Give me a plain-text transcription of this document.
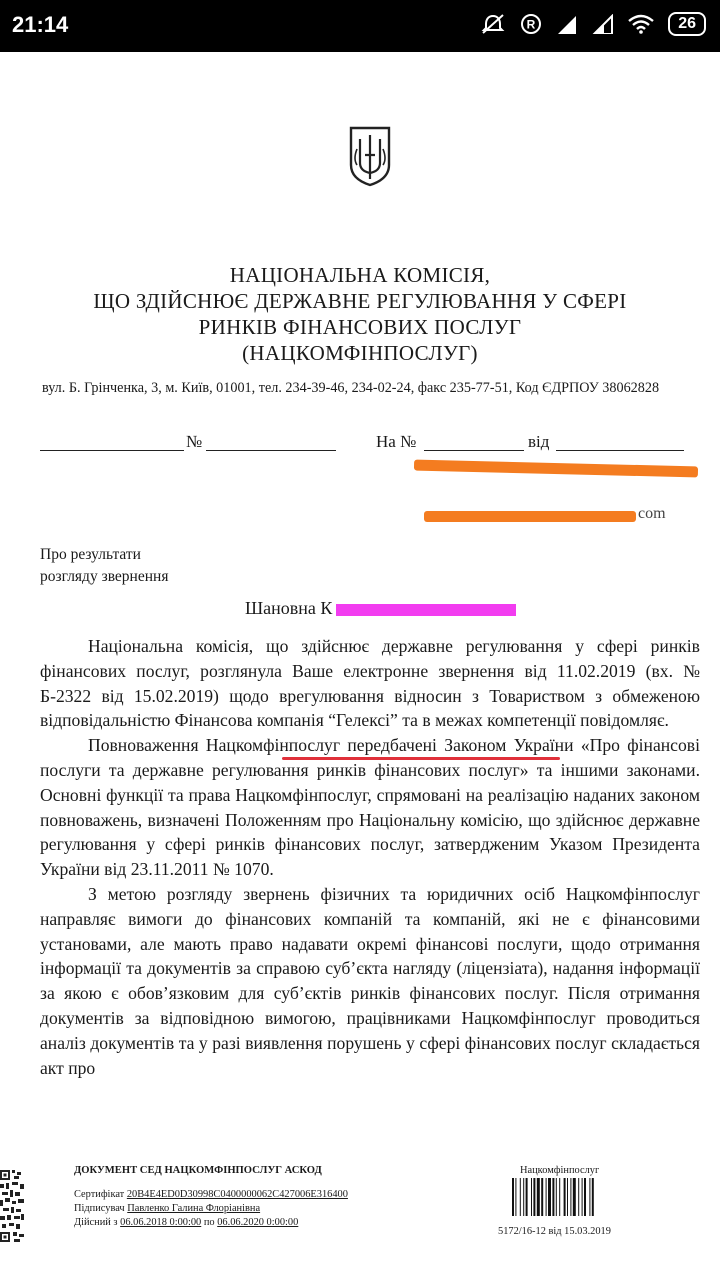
21:14	R	26
НАЦІОНАЛЬНА КОМІСІЯ,
ЩО ЗДІЙСНЮЄ ДЕРЖАВНЕ РЕГУЛЮВАННЯ У СФЕРІ
РИНКІВ ФІНАНСОВИХ ПОСЛУГ
(НАЦКОМФІНПОСЛУГ)
вул. Б. Грінченка, 3, м. Київ, 01001, тел. 234-39-46, 234-02-24, факс 235-77-51, Код ЄДРПОУ 38062828
№	На №	від
com
Про результати
розгляду звернення
Шановна К

Національна комісія, що здійснює державне регулювання у сфері ринків фінансових послуг, розглянула Ваше електронне звернення від 11.02.2019 (вх. № Б-2322 від 15.02.2019) щодо врегулювання відносин з Товариством з обмеженою відповідальністю Фінансова компанія “Гелексі” та в межах компетенції повідомляє.

Повноваження Нацкомфінпослуг передбачені Законом України «Про фінансові послуги та державне регулювання ринків фінансових послуг» та іншими законами. Основні функції та права Нацкомфінпослуг, спрямовані на реалізацію наданих законом повноважень, визначені Положенням про Національну комісію, що здійснює державне регулювання у сфері ринків фінансових послуг, затвердженим Указом Президента України від 23.11.2011 № 1070.

З метою розгляду звернень фізичних та юридичних осіб Нацкомфінпослуг направляє вимоги до фінансових компаній та компаній, які не є фінансовими установами, але мають право надавати окремі фінансові послуги, щодо отримання інформації та документів за справою суб’єкта нагляду (ліцензіата), надання інформації за якою є обов’язковим для суб’єктів ринків фінансових послуг. Після отримання документів за відповідною вимогою, працівниками Нацкомфінпослуг проводиться аналіз документів та у разі виявлення порушень у сфері фінансових послуг складається акт про

ДОКУМЕНТ СЕД НАЦКОМФІНПОСЛУГ АСКОД
Сертифікат 20B4E4ED0D30998C0400000062C427006E316400
Підписувач Павленко Галина Флоріанівна
Дійсний з 06.06.2018 0:00:00 по 06.06.2020 0:00:00
Нацкомфінпослуг
5172/16-12 від 15.03.2019
